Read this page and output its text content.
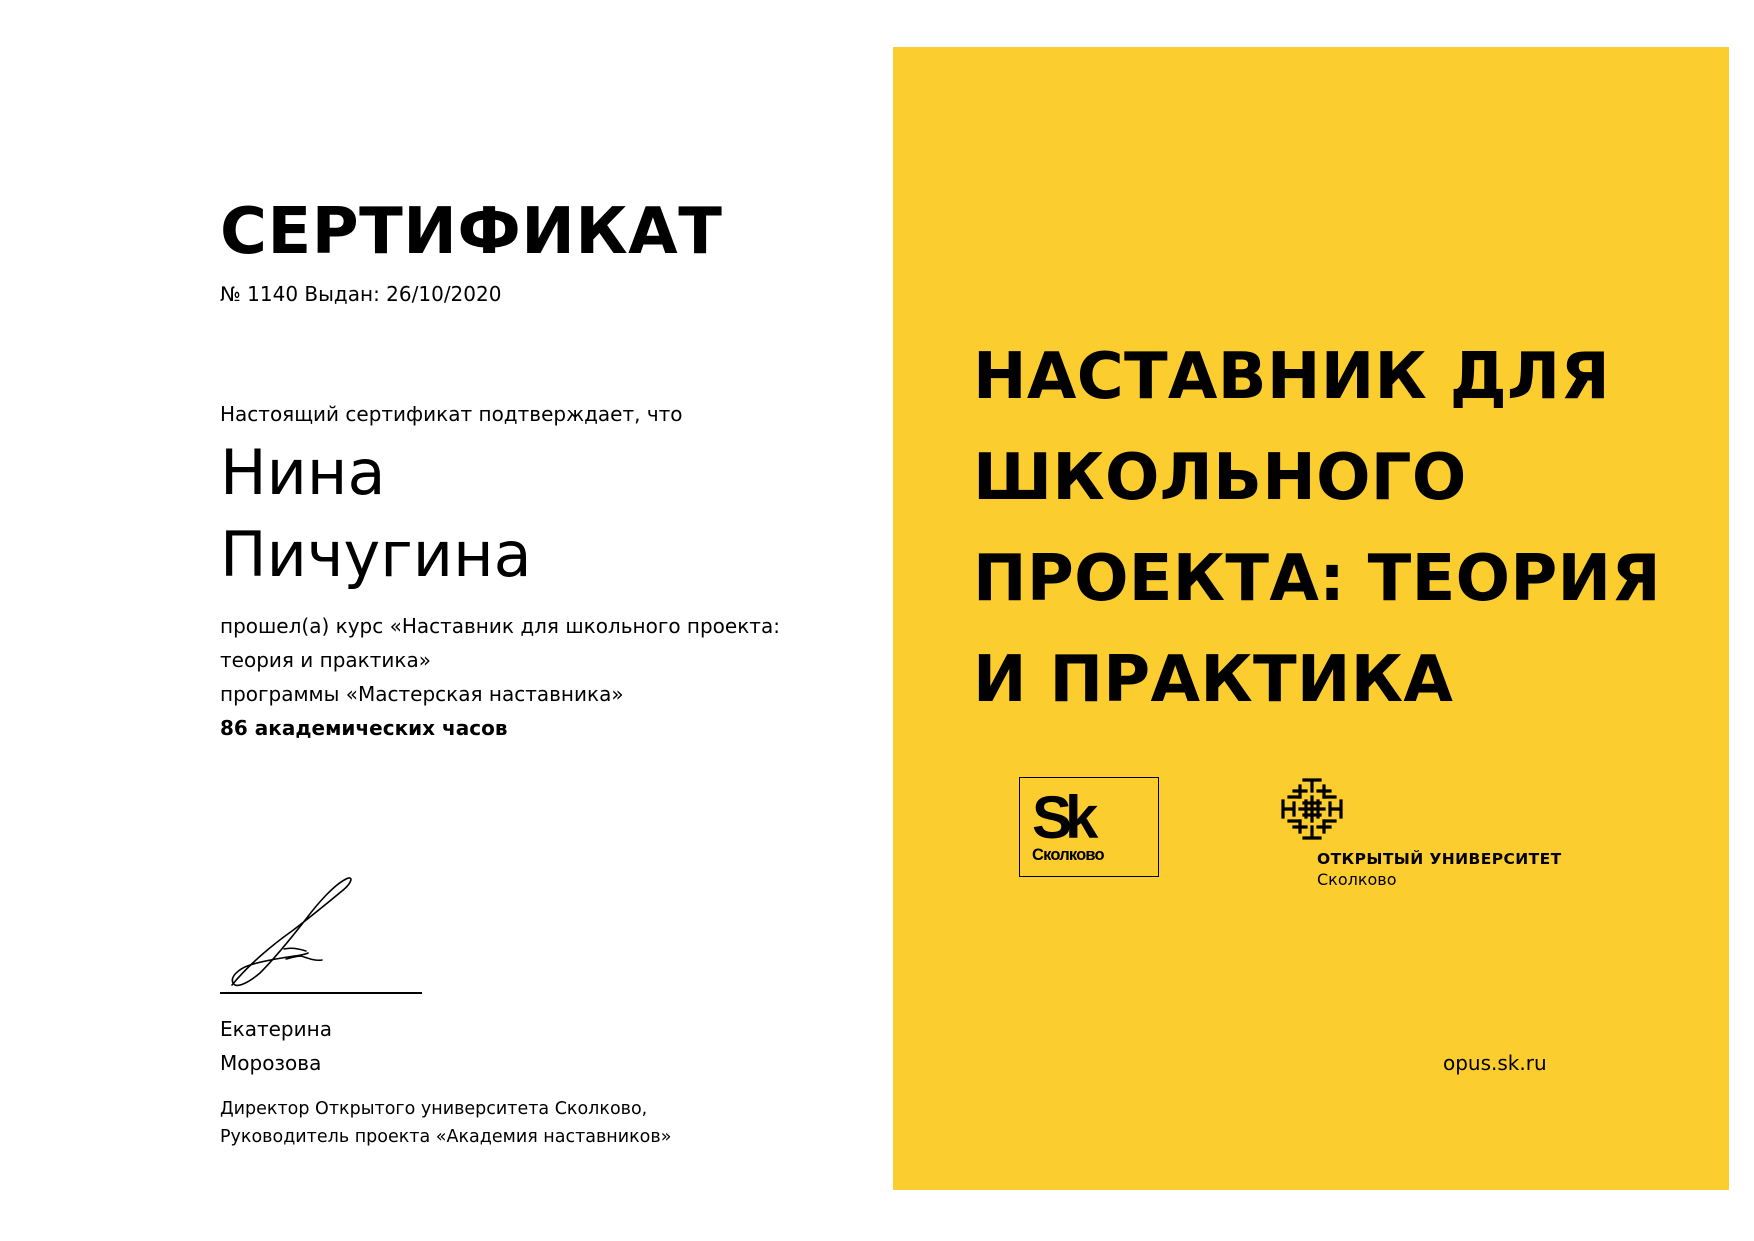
СЕРТИФИКАТ
№ 1140 Выдан: 26/10/2020
Настоящий сертификат подтверждает, что
Нина
Пичугина
прошел(а) курс «Наставник для школьного проекта:
теория и практика»
программы «Мастерская наставника»
86 академических часов
Екатерина
Морозова
Директор Открытого университета Сколково,
Руководитель проекта «Академия наставников»
НАСТАВНИК ДЛЯ ШКОЛЬНОГО ПРОЕКТА: ТЕОРИЯ И ПРАКТИКА
Sk
Сколково	ОТКРЫТЫЙ УНИВЕРСИТЕТ
Сколково
opus.sk.ru
